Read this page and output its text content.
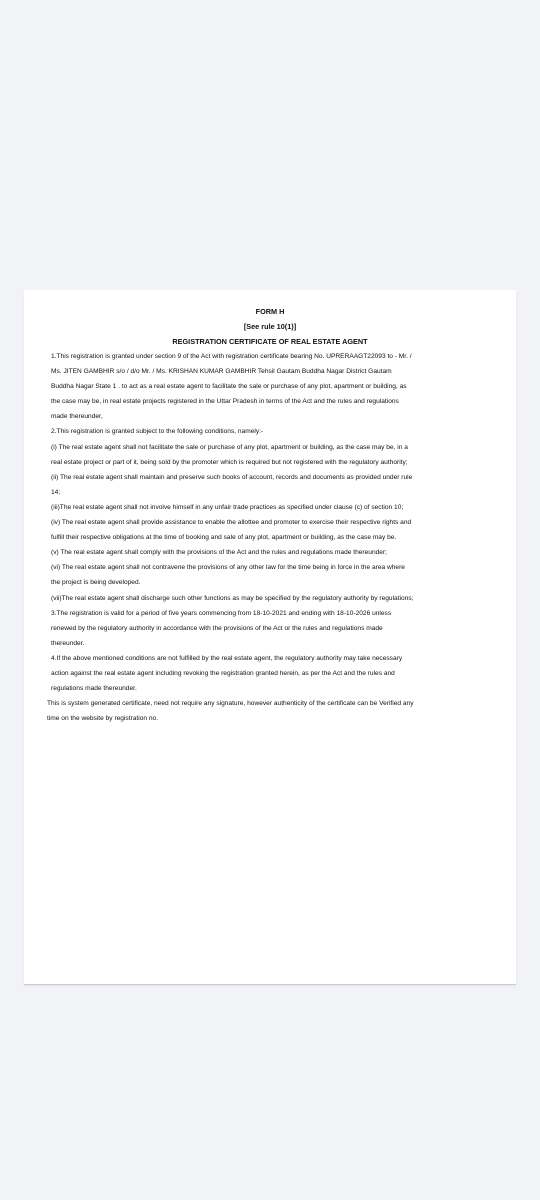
FORM H
[See rule 10(1)]
REGISTRATION CERTIFICATE OF REAL ESTATE AGENT
1.This registration is granted under section 9 of the Act with registration certificate bearing No. UPRERAAGT22093 to - Mr. /
Ms. JITEN GAMBHIR s/o / d/o Mr. / Ms. KRISHAN KUMAR GAMBHIR Tehsil Gautam Buddha Nagar District Gautam
Buddha Nagar State 1 . to act as a real estate agent to facilitate the sale or purchase of any plot, apartment or building, as
the case may be, in real estate projects registered in the Uttar Pradesh in terms of the Act and the rules and regulations
made thereunder,
2.This registration is granted subject to the following conditions, namely:-
(i) The real estate agent shall not facilitate the sale or purchase of any plot, apartment or building, as the case may be, in a
real estate project or part of it, being sold by the promoter which is required but not registered with the regulatory authority;
(ii) The real estate agent shall maintain and preserve such books of account, records and documents as provided under rule
14;
(iii)The real estate agent shall not involve himself in any unfair trade practices as specified under clause (c) of section 10;
(iv) The real estate agent shall provide assistance to enable the allottee and promoter to exercise their respective rights and
fulfill their respective obligations at the time of booking and sale of any plot, apartment or building, as the case may be.
(v) The real estate agent shall comply with the provisions of the Act and the rules and regulations made thereunder;
(vi) The real estate agent shall not contravene the provisions of any other law for the time being in force in the area where
the project is being developed.
(vii)The real estate agent shall discharge such other functions as may be specified by the regulatory authority by regulations;
3.The registration is valid for a period of five years commencing from 18-10-2021 and ending with 18-10-2026 unless
renewed by the regulatory authority in accordance with the provisions of the Act or the rules and regulations made
thereunder.
4.If the above mentioned conditions are not fulfilled by the real estate agent, the regulatory authority may take necessary
action against the real estate agent including revoking the registration granted herein, as per the Act and the rules and
regulations made thereunder.
This is system generated certificate, need not require any signature, however authenticity of the certificate can be Verified any
time on the website by registration no.
